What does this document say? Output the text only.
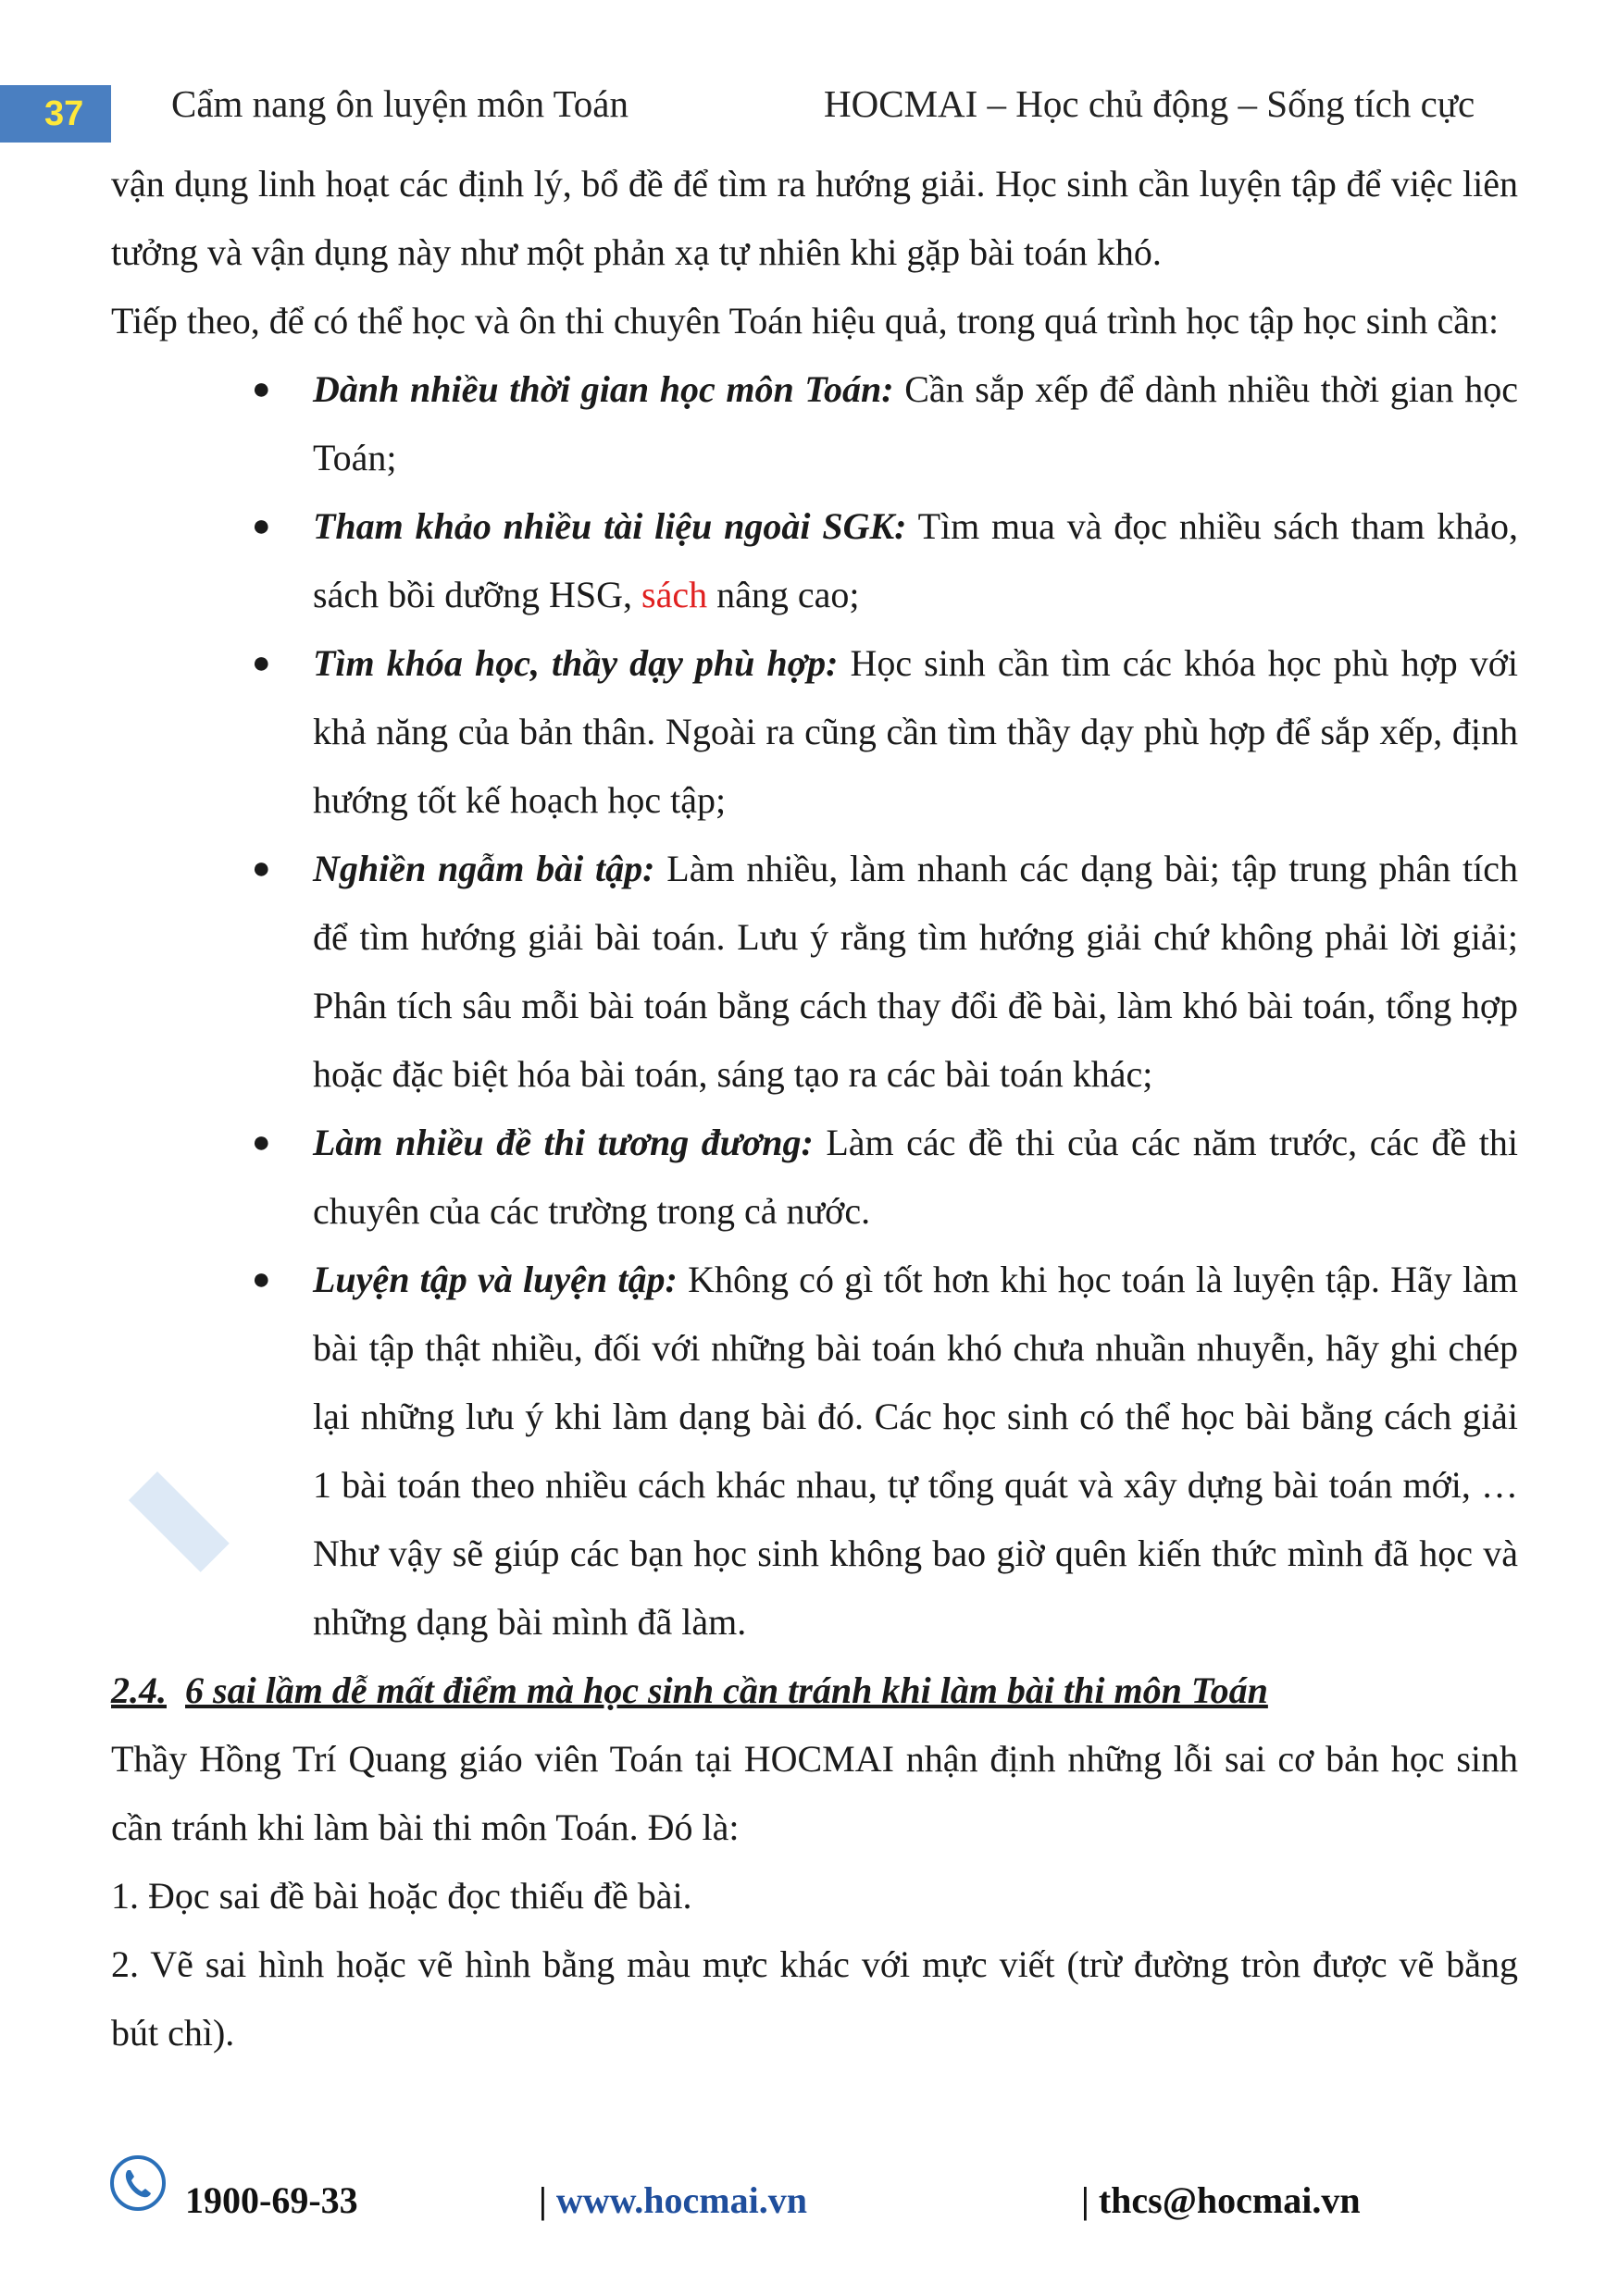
37	Cẩm nang ôn luyện môn Toán	HOCMAI – Học chủ động – Sống tích cực

vận dụng linh hoạt các định lý, bổ đề để tìm ra hướng giải. Học sinh cần luyện tập để việc liên tưởng và vận dụng này như một phản xạ tự nhiên khi gặp bài toán khó.

Tiếp theo, để có thể học và ôn thi chuyên Toán hiệu quả, trong quá trình học tập học sinh cần:

● Dành nhiều thời gian học môn Toán: Cần sắp xếp để dành nhiều thời gian học Toán;
● Tham khảo nhiều tài liệu ngoài SGK: Tìm mua và đọc nhiều sách tham khảo, sách bồi dưỡng HSG, sách nâng cao;
● Tìm khóa học, thầy dạy phù hợp: Học sinh cần tìm các khóa học phù hợp với khả năng của bản thân. Ngoài ra cũng cần tìm thầy dạy phù hợp để sắp xếp, định hướng tốt kế hoạch học tập;
● Nghiền ngẫm bài tập: Làm nhiều, làm nhanh các dạng bài; tập trung phân tích để tìm hướng giải bài toán. Lưu ý rằng tìm hướng giải chứ không phải lời giải; Phân tích sâu mỗi bài toán bằng cách thay đổi đề bài, làm khó bài toán, tổng hợp hoặc đặc biệt hóa bài toán, sáng tạo ra các bài toán khác;
● Làm nhiều đề thi tương đương: Làm các đề thi của các năm trước, các đề thi chuyên của các trường trong cả nước.
● Luyện tập và luyện tập: Không có gì tốt hơn khi học toán là luyện tập. Hãy làm bài tập thật nhiều, đối với những bài toán khó chưa nhuần nhuyễn, hãy ghi chép lại những lưu ý khi làm dạng bài đó. Các học sinh có thể học bài bằng cách giải 1 bài toán theo nhiều cách khác nhau, tự tổng quát và xây dựng bài toán mới, … Như vậy sẽ giúp các bạn học sinh không bao giờ quên kiến thức mình đã học và những dạng bài mình đã làm.

2.4. 6 sai lầm dễ mất điểm mà học sinh cần tránh khi làm bài thi môn Toán

Thầy Hồng Trí Quang giáo viên Toán tại HOCMAI nhận định những lỗi sai cơ bản học sinh cần tránh khi làm bài thi môn Toán. Đó là:

1. Đọc sai đề bài hoặc đọc thiếu đề bài.

2. Vẽ sai hình hoặc vẽ hình bằng màu mực khác với mực viết (trừ đường tròn được vẽ bằng bút chì).

1900-69-33	| www.hocmai.vn	| thcs@hocmai.vn
